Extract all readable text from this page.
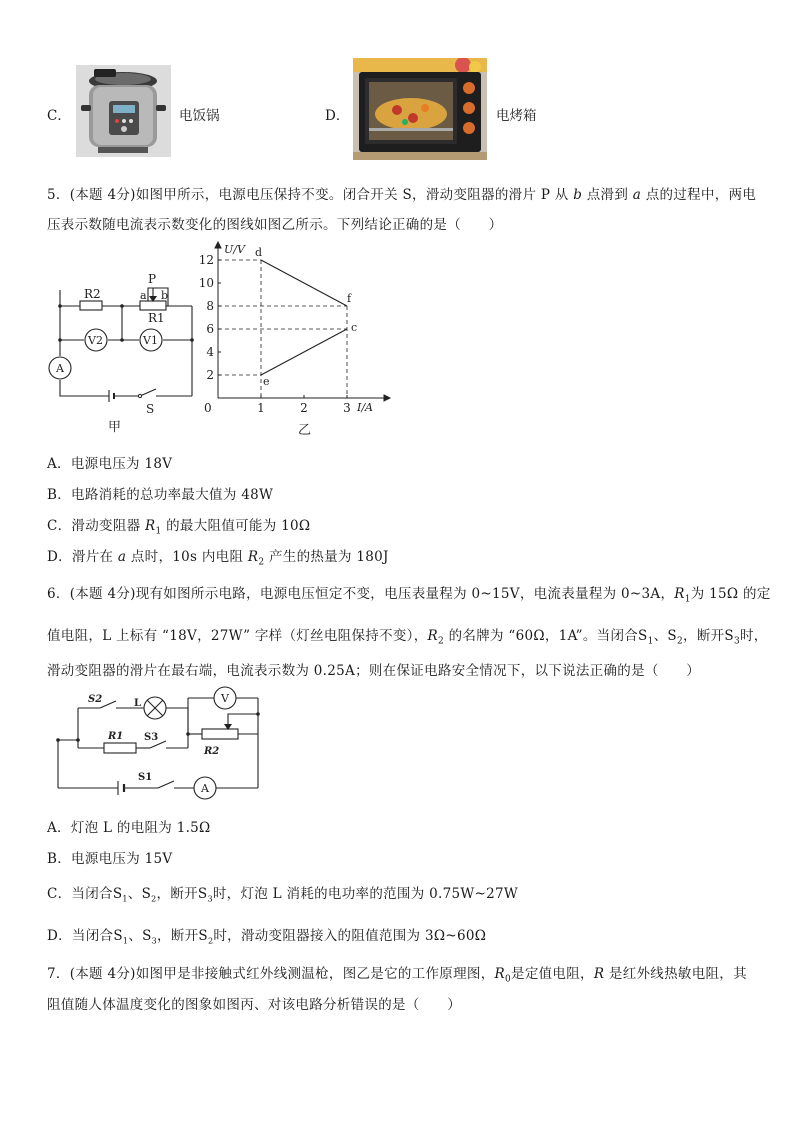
C．	电饭锅	D．	电烤箱
5．(本题 4分)如图甲所示，电源电压保持不变。闭合开关 S，滑动变阻器的滑片 P 从 b 点滑到 a 点的过程中，两电
压表示数随电流表示数变化的图线如图乙所示。下列结论正确的是（　　）
R2
P
a b
R1
V2	V1
A
S
甲
12
10
8
6
4
2
1	2	3
d
f
c
e
U/V
I/A
0
乙
A．电源电压为 18V
B．电路消耗的总功率最大值为 48W
C．滑动变阻器 $R_1$ 的最大阻值可能为 10Ω
D．滑片在 a 点时，10s 内电阻 $R_2$ 产生的热量为 180J
6．(本题 4分)现有如图所示电路，电源电压恒定不变，电压表量程为 0~15V，电流表量程为 0~3A，$R_1$为 15Ω 的定
值电阻，L 上标有 “18V，27W” 字样（灯丝电阻保持不变），$R_2$ 的名牌为 “60Ω，1A”。当闭合$S_1$、$S_2$，断开$S_3$时，
滑动变阻器的滑片在最右端，电流表示数为 0.25A；则在保证电路安全情况下，以下说法正确的是（　　）
S2	L	V
R1 S3
R2
S1
A
A．灯泡 L 的电阻为 1.5Ω
B．电源电压为 15V
C．当闭合$S_1$、$S_2$，断开$S_3$时，灯泡 L 消耗的电功率的范围为 0.75W~27W
D．当闭合$S_1$、$S_3$，断开$S_2$时，滑动变阻器接入的阻值范围为 3Ω~60Ω
7．(本题 4分)如图甲是非接触式红外线测温枪，图乙是它的工作原理图，$R_0$是定值电阻，R 是红外线热敏电阻，其
阻值随人体温度变化的图象如图丙、对该电路分析错误的是（　　）
